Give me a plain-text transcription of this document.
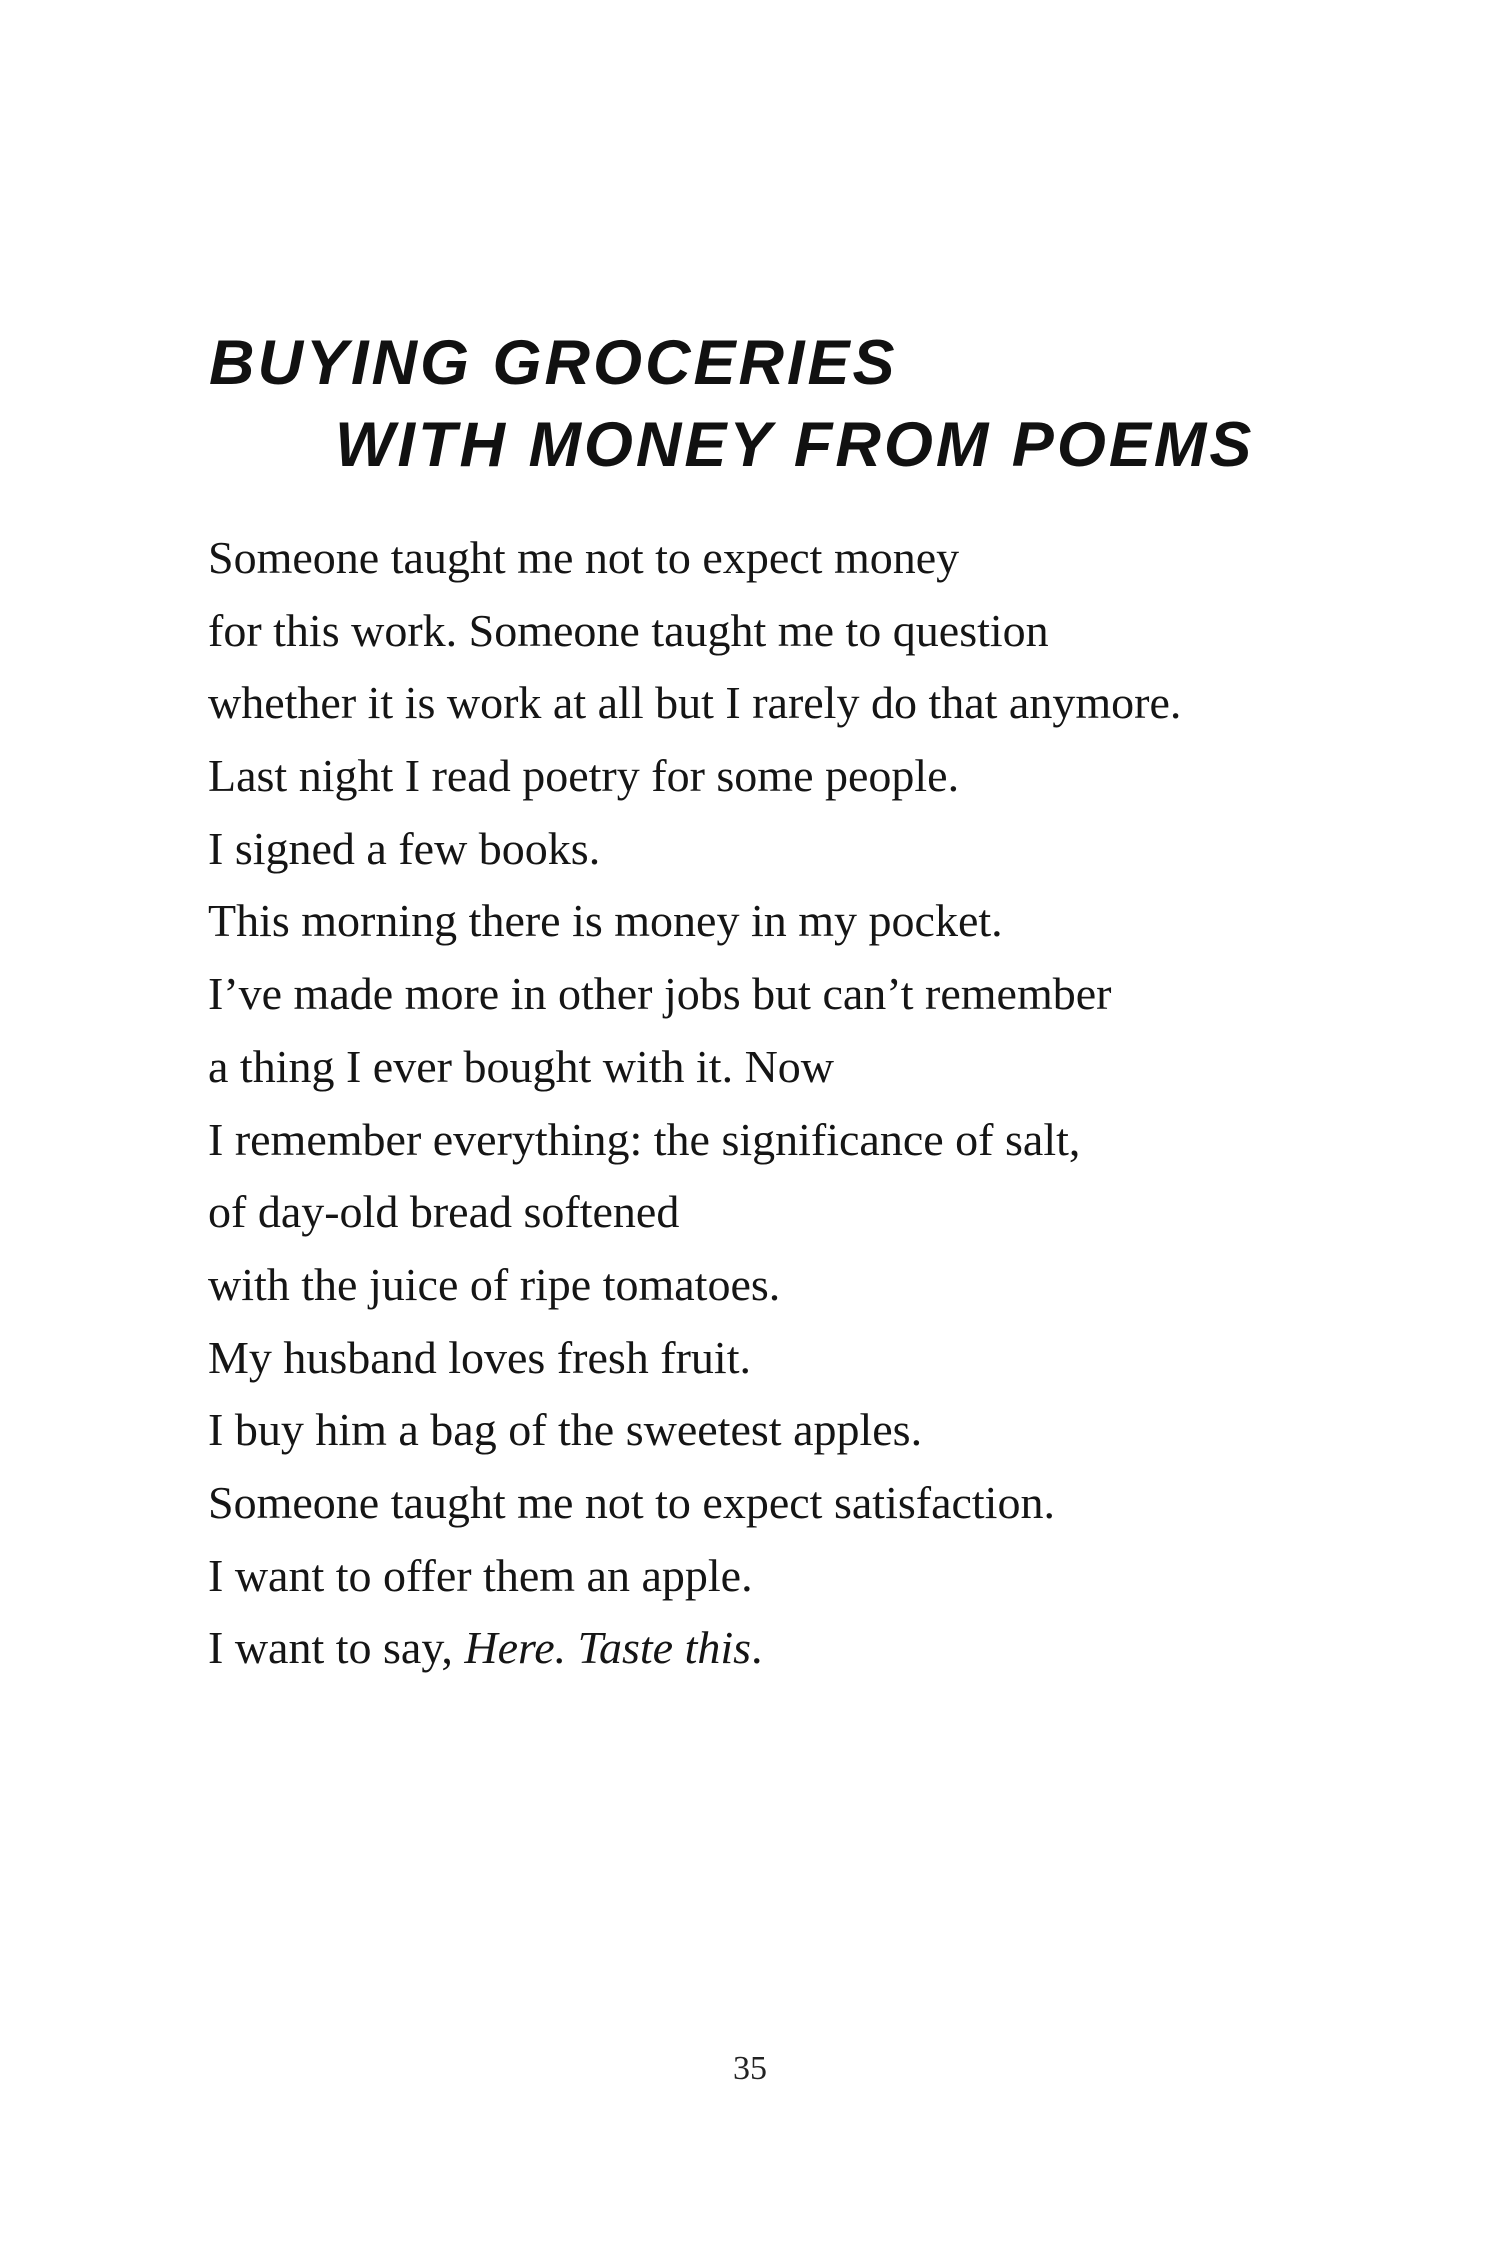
BUYING GROCERIES
WITH MONEY FROM POEMS
Someone taught me not to expect money
for this work. Someone taught me to question
whether it is work at all but I rarely do that anymore.
Last night I read poetry for some people.
I signed a few books.
This morning there is money in my pocket.
I’ve made more in other jobs but can’t remember
a thing I ever bought with it. Now
I remember everything: the significance of salt,
of day-old bread softened
with the juice of ripe tomatoes.
My husband loves fresh fruit.
I buy him a bag of the sweetest apples.
Someone taught me not to expect satisfaction.
I want to offer them an apple.
I want to say, Here. Taste this.
35
